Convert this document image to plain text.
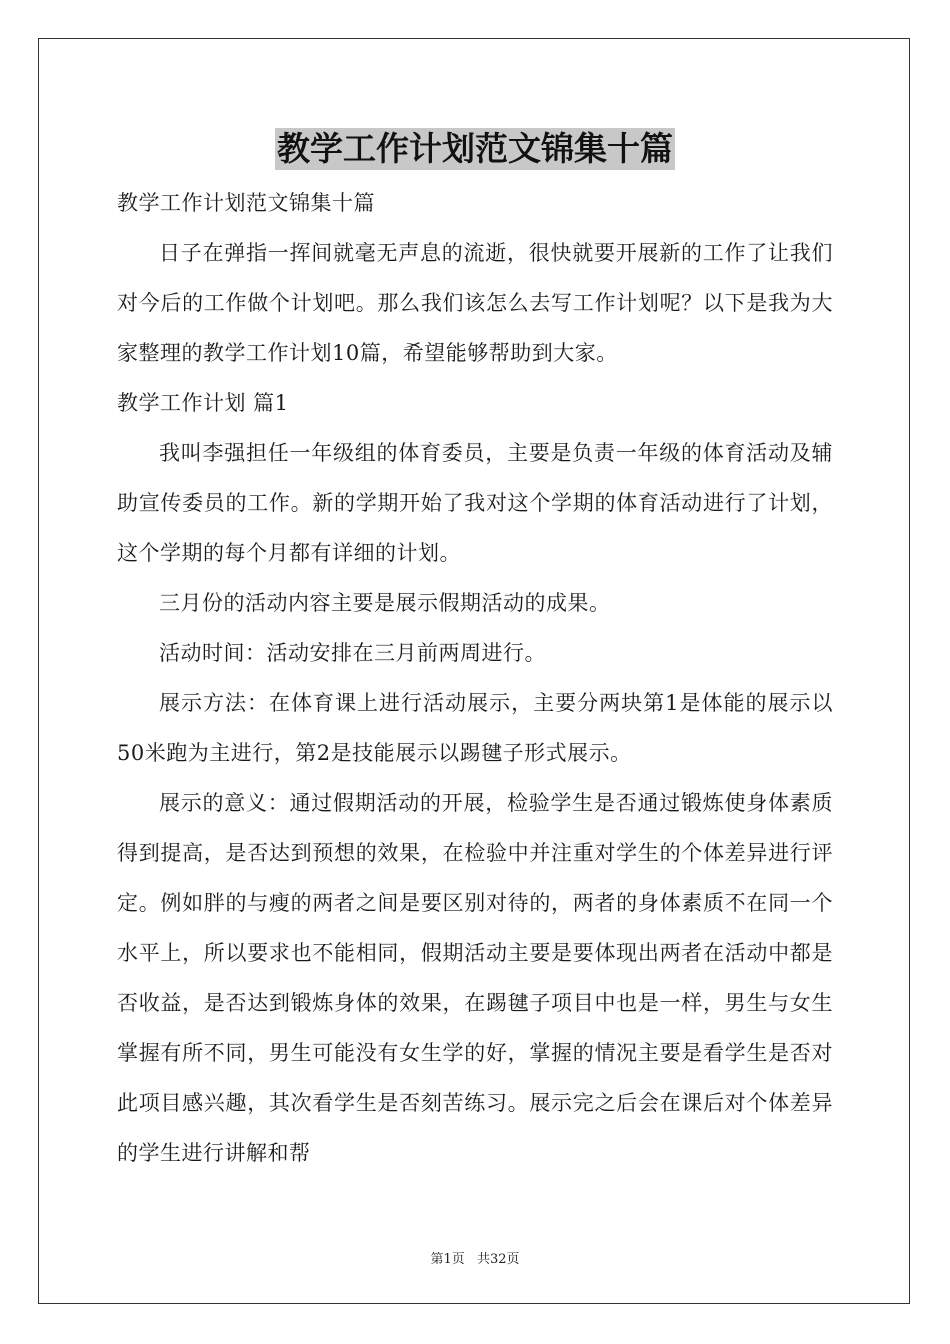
教学工作计划范文锦集十篇

教学工作计划范文锦集十篇

日子在弹指一挥间就毫无声息的流逝，很快就要开展新的工作了让我们对今后的工作做个计划吧。那么我们该怎么去写工作计划呢？以下是我为大家整理的教学工作计划10篇，希望能够帮助到大家。

教学工作计划 篇1

我叫李强担任一年级组的体育委员，主要是负责一年级的体育活动及辅助宣传委员的工作。新的学期开始了我对这个学期的体育活动进行了计划，这个学期的每个月都有详细的计划。

三月份的活动内容主要是展示假期活动的成果。

活动时间：活动安排在三月前两周进行。

展示方法：在体育课上进行活动展示，主要分两块第1是体能的展示以50米跑为主进行，第2是技能展示以踢毽子形式展示。

展示的意义：通过假期活动的开展，检验学生是否通过锻炼使身体素质得到提高，是否达到预想的效果，在检验中并注重对学生的个体差异进行评定。例如胖的与瘦的两者之间是要区别对待的，两者的身体素质不在同一个水平上，所以要求也不能相同，假期活动主要是要体现出两者在活动中都是否收益，是否达到锻炼身体的效果，在踢毽子项目中也是一样，男生与女生掌握有所不同，男生可能没有女生学的好，掌握的情况主要是看学生是否对此项目感兴趣，其次看学生是否刻苦练习。展示完之后会在课后对个体差异的学生进行讲解和帮

第1页 共32页
